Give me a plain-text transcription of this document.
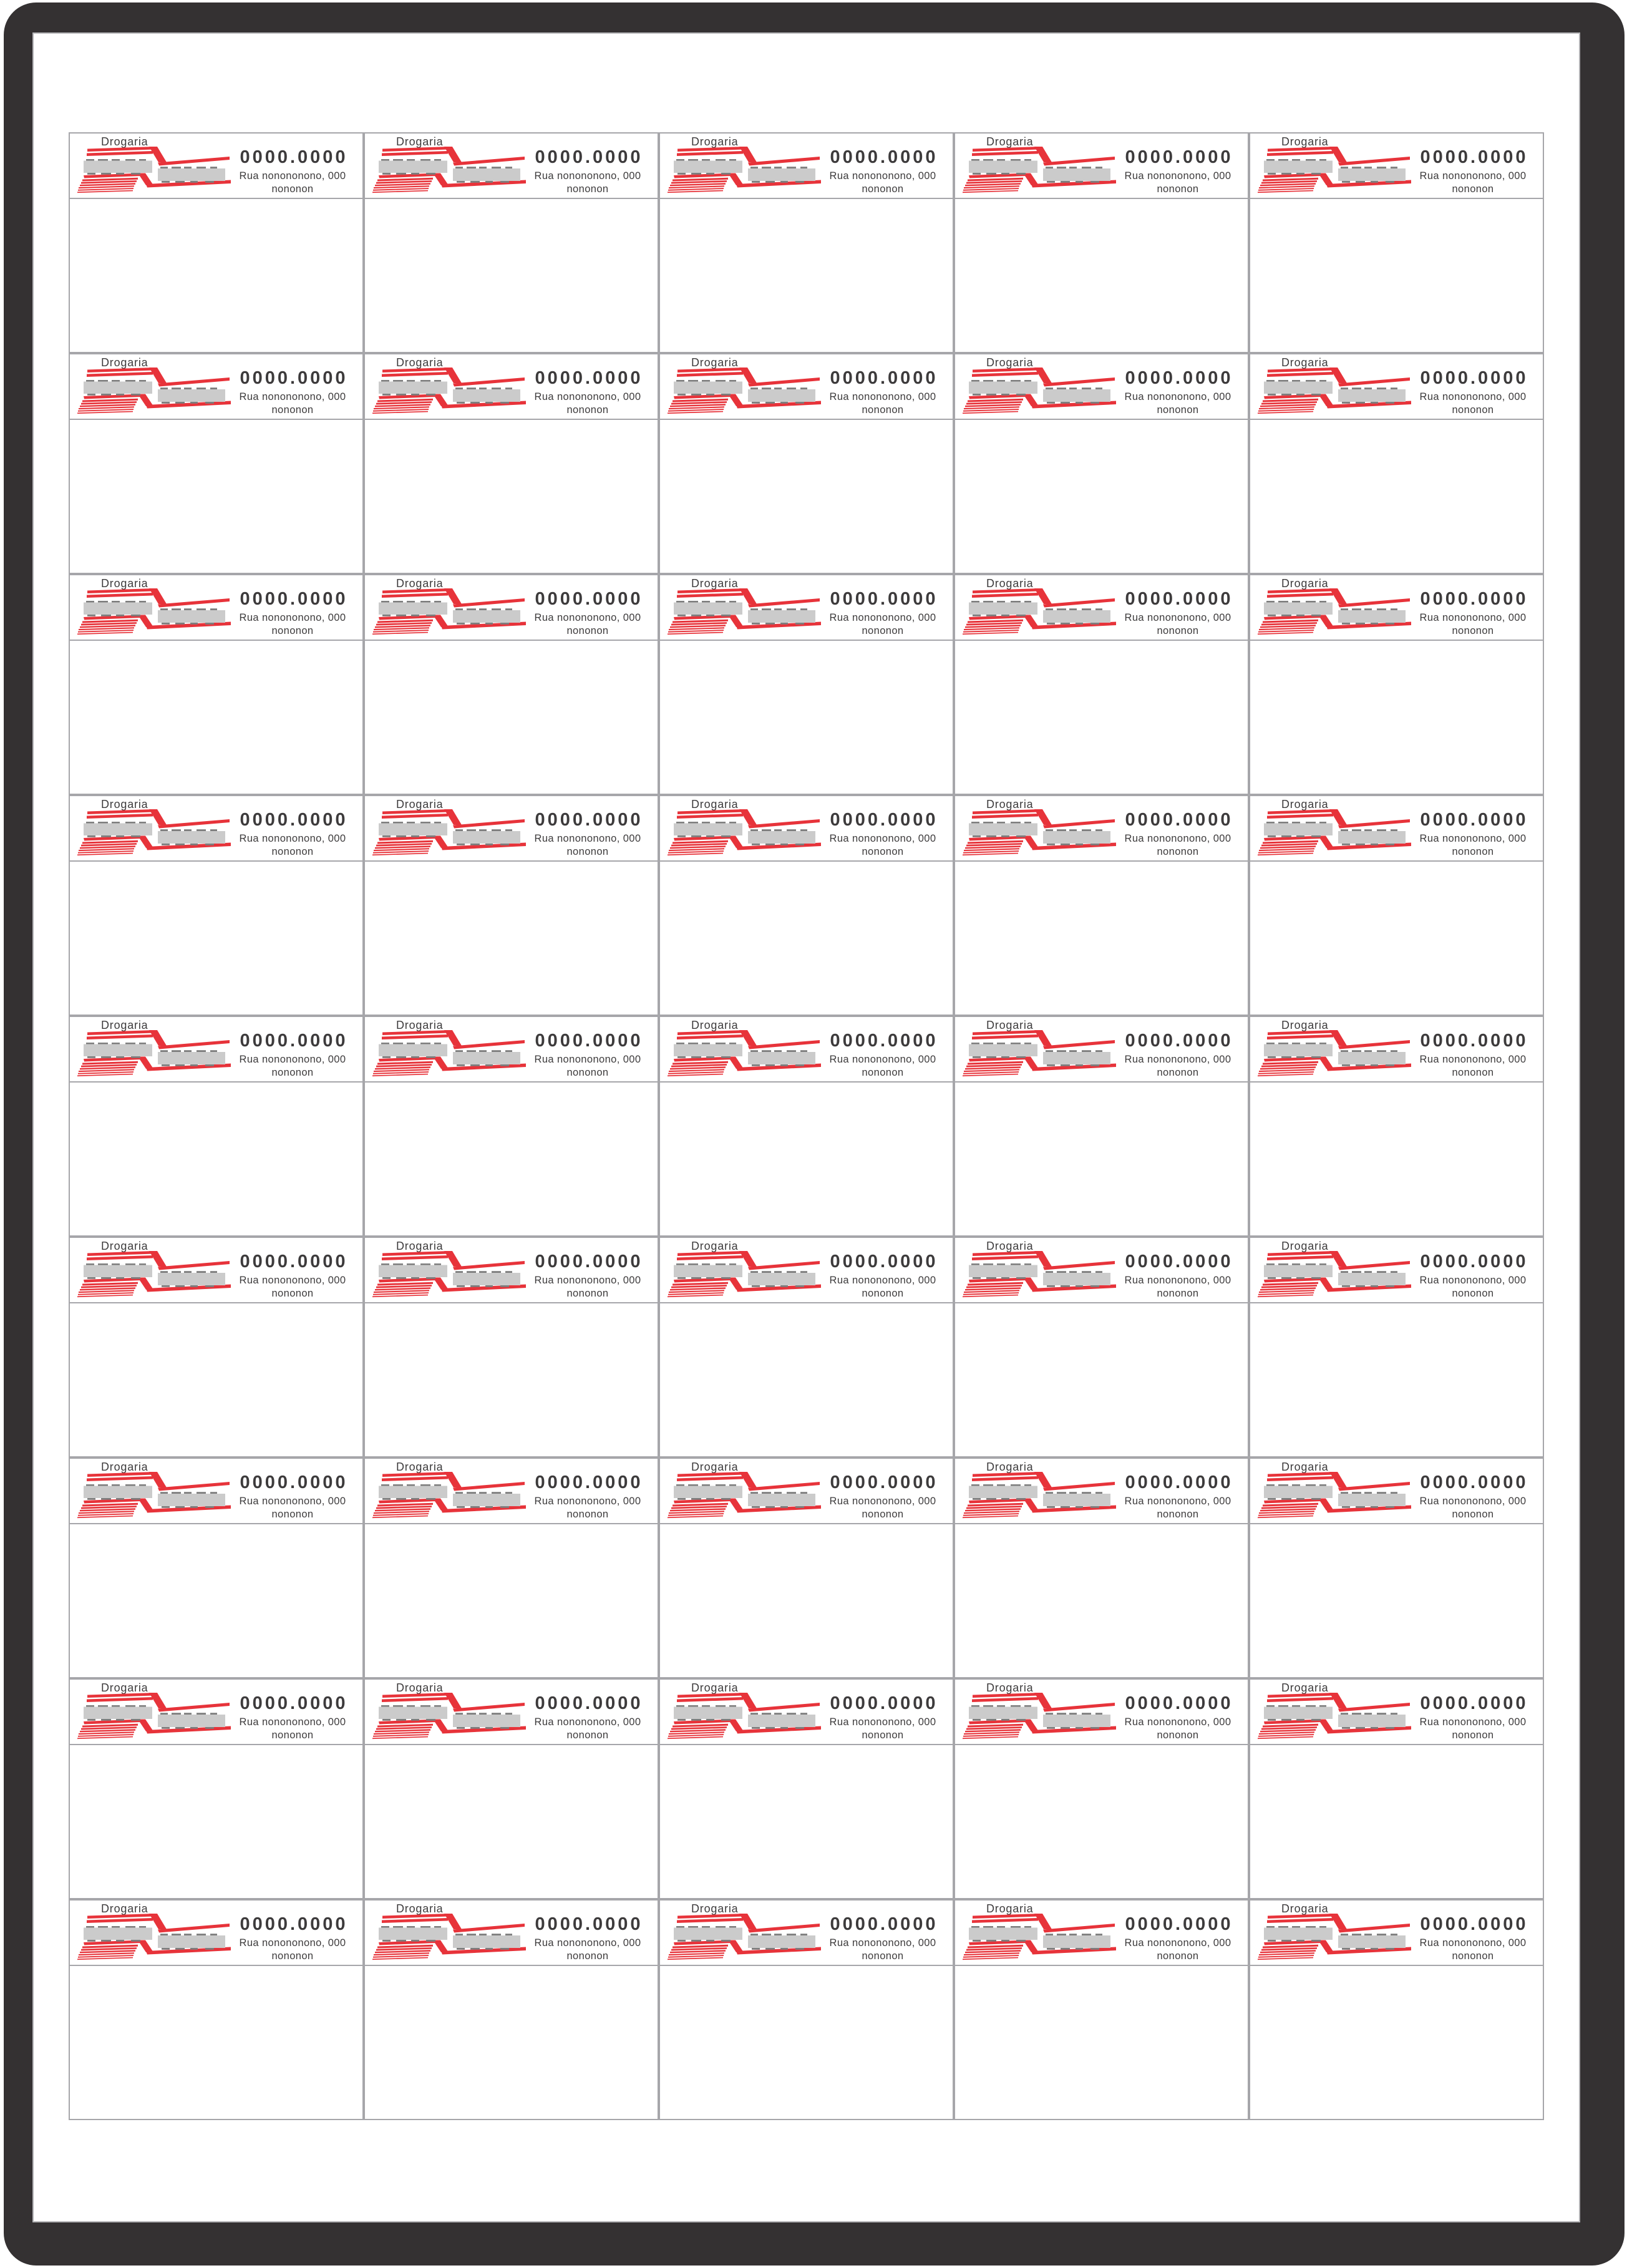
Drogaria
0000.0000
Rua nonononono, 000
nononon
Drogaria
0000.0000
Rua nonononono, 000
nononon
Drogaria
0000.0000
Rua nonononono, 000
nononon
Drogaria
0000.0000
Rua nonononono, 000
nononon
Drogaria
0000.0000
Rua nonononono, 000
nononon
Drogaria
0000.0000
Rua nonononono, 000
nononon
Drogaria
0000.0000
Rua nonononono, 000
nononon
Drogaria
0000.0000
Rua nonononono, 000
nononon
Drogaria
0000.0000
Rua nonononono, 000
nononon
Drogaria
0000.0000
Rua nonononono, 000
nononon
Drogaria
0000.0000
Rua nonononono, 000
nononon
Drogaria
0000.0000
Rua nonononono, 000
nononon
Drogaria
0000.0000
Rua nonononono, 000
nononon
Drogaria
0000.0000
Rua nonononono, 000
nononon
Drogaria
0000.0000
Rua nonononono, 000
nononon
Drogaria
0000.0000
Rua nonononono, 000
nononon
Drogaria
0000.0000
Rua nonononono, 000
nononon
Drogaria
0000.0000
Rua nonononono, 000
nononon
Drogaria
0000.0000
Rua nonononono, 000
nononon
Drogaria
0000.0000
Rua nonononono, 000
nononon
Drogaria
0000.0000
Rua nonononono, 000
nononon
Drogaria
0000.0000
Rua nonononono, 000
nononon
Drogaria
0000.0000
Rua nonononono, 000
nononon
Drogaria
0000.0000
Rua nonononono, 000
nononon
Drogaria
0000.0000
Rua nonononono, 000
nononon
Drogaria
0000.0000
Rua nonononono, 000
nononon
Drogaria
0000.0000
Rua nonononono, 000
nononon
Drogaria
0000.0000
Rua nonononono, 000
nononon
Drogaria
0000.0000
Rua nonononono, 000
nononon
Drogaria
0000.0000
Rua nonononono, 000
nononon
Drogaria
0000.0000
Rua nonononono, 000
nononon
Drogaria
0000.0000
Rua nonononono, 000
nononon
Drogaria
0000.0000
Rua nonononono, 000
nononon
Drogaria
0000.0000
Rua nonononono, 000
nononon
Drogaria
0000.0000
Rua nonononono, 000
nononon
Drogaria
0000.0000
Rua nonononono, 000
nononon
Drogaria
0000.0000
Rua nonononono, 000
nononon
Drogaria
0000.0000
Rua nonononono, 000
nononon
Drogaria
0000.0000
Rua nonononono, 000
nononon
Drogaria
0000.0000
Rua nonononono, 000
nononon
Drogaria
0000.0000
Rua nonononono, 000
nononon
Drogaria
0000.0000
Rua nonononono, 000
nononon
Drogaria
0000.0000
Rua nonononono, 000
nononon
Drogaria
0000.0000
Rua nonononono, 000
nononon
Drogaria
0000.0000
Rua nonononono, 000
nononon
